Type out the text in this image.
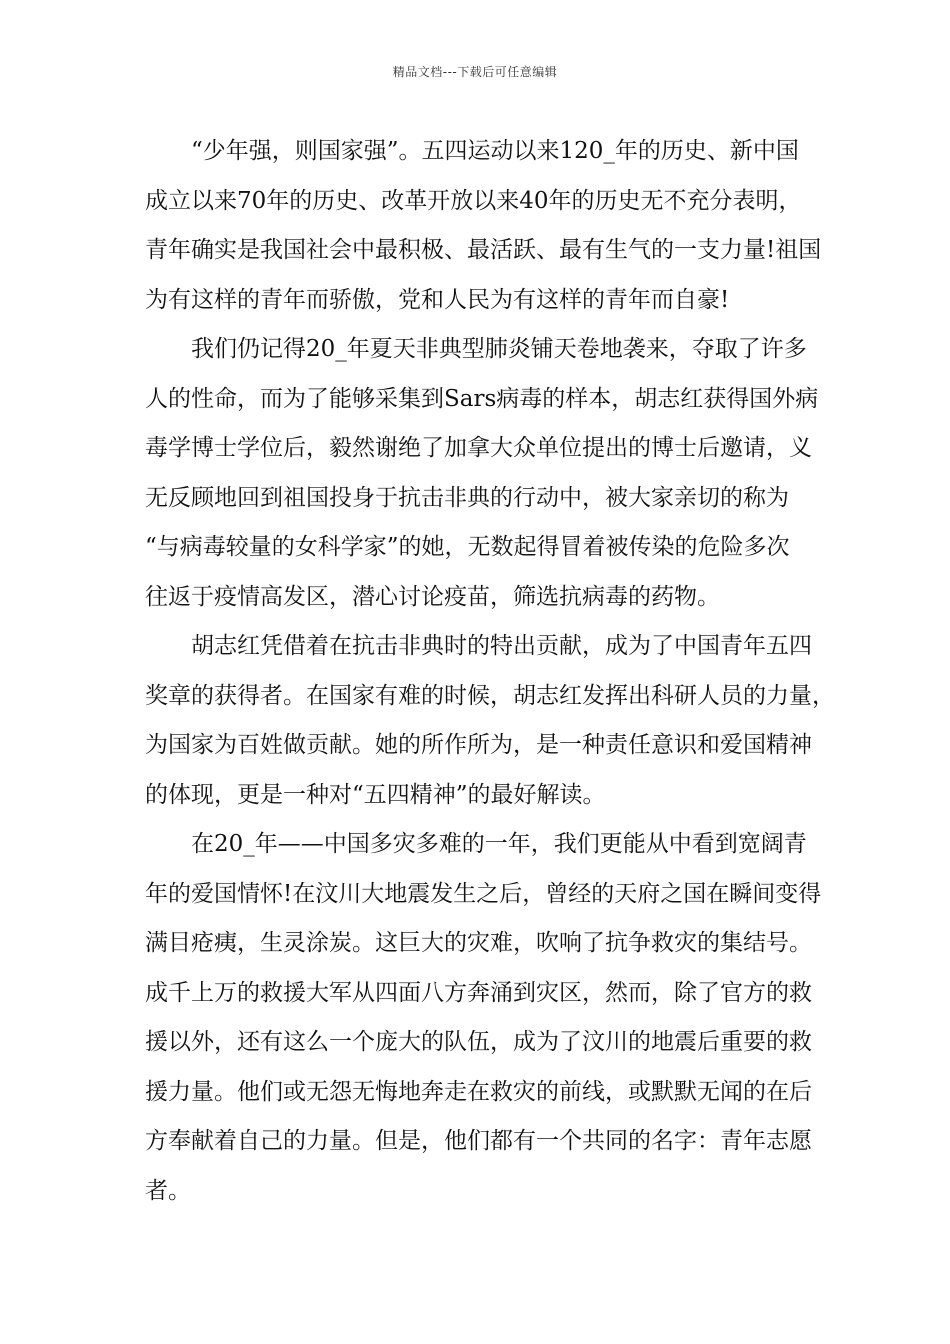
精品文档---下载后可任意编辑
“少年强，则国家强”。五四运动以来120_年的历史、新中国
成立以来70年的历史、改革开放以来40年的历史无不充分表明，
青年确实是我国社会中最积极、最活跃、最有生气的一支力量!祖国
为有这样的青年而骄傲，党和人民为有这样的青年而自豪!
我们仍记得20_年夏天非典型肺炎铺天卷地袭来，夺取了许多
人的性命，而为了能够采集到Sars病毒的样本，胡志红获得国外病
毒学博士学位后，毅然谢绝了加拿大众单位提出的博士后邀请，义
无反顾地回到祖国投身于抗击非典的行动中，被大家亲切的称为
“与病毒较量的女科学家”的她，无数起得冒着被传染的危险多次
往返于疫情高发区，潜心讨论疫苗，筛选抗病毒的药物。
胡志红凭借着在抗击非典时的特出贡献，成为了中国青年五四
奖章的获得者。在国家有难的时候，胡志红发挥出科研人员的力量，
为国家为百姓做贡献。她的所作所为，是一种责任意识和爱国精神
的体现，更是一种对“五四精神”的最好解读。
在20_年——中国多灾多难的一年，我们更能从中看到宽阔青
年的爱国情怀!在汶川大地震发生之后，曾经的天府之国在瞬间变得
满目疮痍，生灵涂炭。这巨大的灾难，吹响了抗争救灾的集结号。
成千上万的救援大军从四面八方奔涌到灾区，然而，除了官方的救
援以外，还有这么一个庞大的队伍，成为了汶川的地震后重要的救
援力量。他们或无怨无悔地奔走在救灾的前线，或默默无闻的在后
方奉献着自己的力量。但是，他们都有一个共同的名字：青年志愿
者。
